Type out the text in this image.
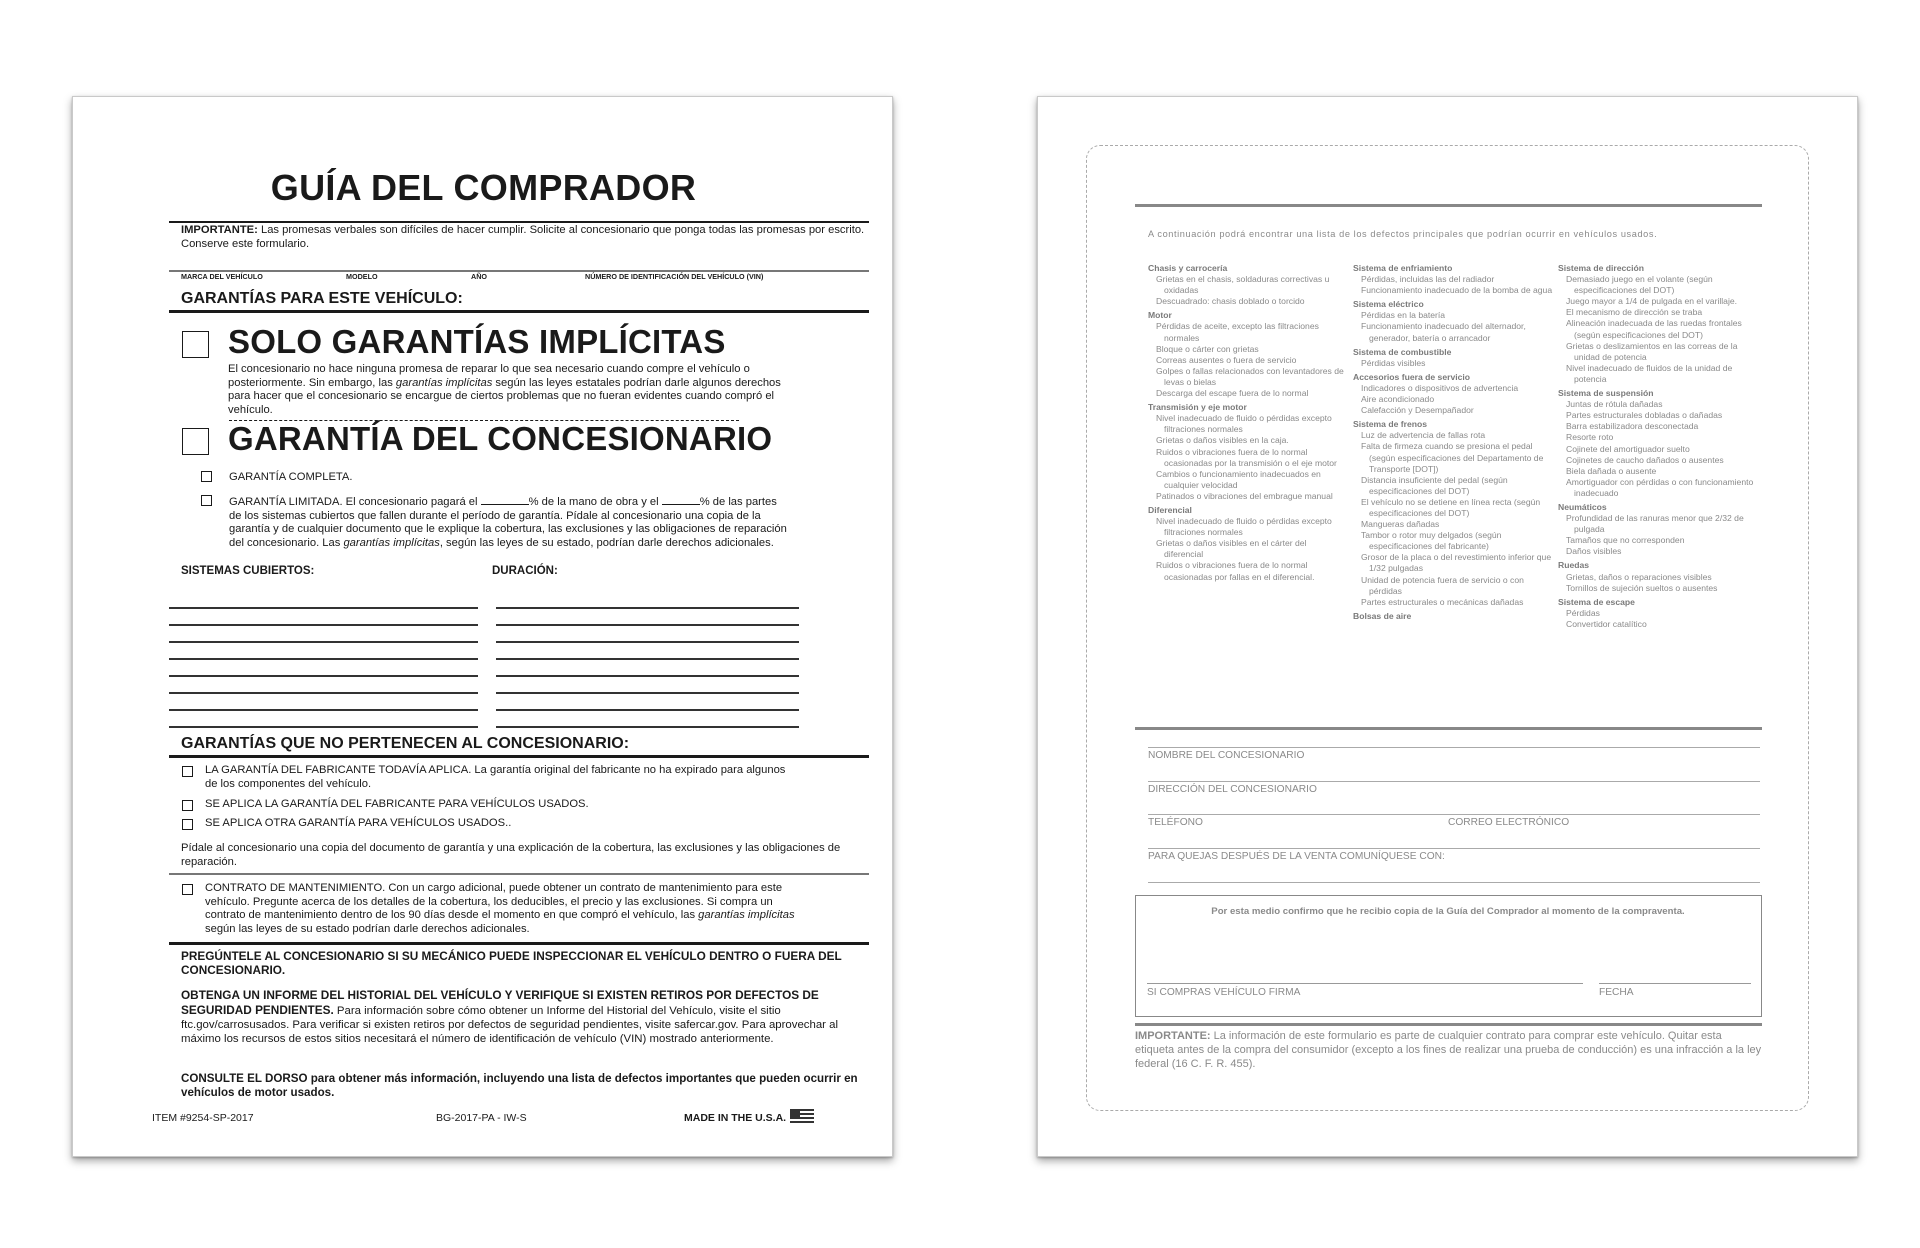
GUÍA DEL COMPRADOR
IMPORTANTE: Las promesas verbales son difíciles de hacer cumplir. Solicite al concesionario que ponga todas las promesas por escrito. Conserve este formulario.
MARCA DEL VEHÍCULO	MODELO	AÑO	NÚMERO DE IDENTIFICACIÓN DEL VEHÍCULO (VIN)
GARANTÍAS PARA ESTE VEHÍCULO:
SOLO GARANTÍAS IMPLÍCITAS
El concesionario no hace ninguna promesa de reparar lo que sea necesario cuando compre el vehículo o posteriormente. Sin embargo, las garantías implícitas según las leyes estatales podrían darle algunos derechos para hacer que el concesionario se encargue de ciertos problemas que no fueran evidentes cuando compró el vehículo.
GARANTÍA DEL CONCESIONARIO
GARANTÍA COMPLETA.
GARANTÍA LIMITADA. El concesionario pagará el	% de la mano de obra y el	% de las partes de los sistemas cubiertos que fallen durante el período de garantía. Pídale al concesionario una copia de la garantía y de cualquier documento que le explique la cobertura, las exclusiones y las obligaciones de reparación del concesionario. Las garantías implícitas, según las leyes de su estado, podrían darle derechos adicionales.
SISTEMAS CUBIERTOS:	DURACIÓN:
GARANTÍAS QUE NO PERTENECEN AL CONCESIONARIO:
LA GARANTÍA DEL FABRICANTE TODAVÍA APLICA. La garantía original del fabricante no ha expirado para algunos de los componentes del vehículo.
SE APLICA LA GARANTÍA DEL FABRICANTE PARA VEHÍCULOS USADOS.
SE APLICA OTRA GARANTÍA PARA VEHÍCULOS USADOS..
Pídale al concesionario una copia del documento de garantía y una explicación de la cobertura, las exclusiones y las obligaciones de reparación.
CONTRATO DE MANTENIMIENTO. Con un cargo adicional, puede obtener un contrato de mantenimiento para este vehículo. Pregunte acerca de los detalles de la cobertura, los deducibles, el precio y las exclusiones. Si compra un contrato de mantenimiento dentro de los 90 días desde el momento en que compró el vehículo, las garantías implícitas según las leyes de su estado podrían darle derechos adicionales.
PREGÚNTELE AL CONCESIONARIO SI SU MECÁNICO PUEDE INSPECCIONAR EL VEHÍCULO DENTRO O FUERA DEL CONCESIONARIO.
OBTENGA UN INFORME DEL HISTORIAL DEL VEHÍCULO Y VERIFIQUE SI EXISTEN RETIROS POR DEFECTOS DE SEGURIDAD PENDIENTES. Para información sobre cómo obtener un Informe del Historial del Vehículo, visite el sitio ftc.gov/carrosusados. Para verificar si existen retiros por defectos de seguridad pendientes, visite safercar.gov. Para aprovechar al máximo los recursos de estos sitios necesitará el número de identificación de vehículo (VIN) mostrado anteriormente.
CONSULTE EL DORSO para obtener más información, incluyendo una lista de defectos importantes que pueden ocurrir en vehículos de motor usados.
ITEM #9254-SP-2017	BG-2017-PA - IW-S	MADE IN THE U.S.A.
A continuación podrá encontrar una lista de los defectos principales que podrían ocurrir en vehículos usados.
Chasis y carrocería
Grietas en el chasis, soldaduras correctivas u oxidadas
Descuadrado: chasis doblado o torcido
Motor
Pérdidas de aceite, excepto las filtraciones normales
Bloque o cárter con grietas
Correas ausentes o fuera de servicio
Golpes o fallas relacionados con levantadores de levas o bielas
Descarga del escape fuera de lo normal
Transmisión y eje motor
Nivel inadecuado de fluido o pérdidas excepto filtraciones normales
Grietas o daños visibles en la caja.
Ruidos o vibraciones fuera de lo normal ocasionadas por la transmisión o el eje motor
Cambios o funcionamiento inadecuados en cualquier velocidad
Patinados o vibraciones del embrague manual
Diferencial
Nivel inadecuado de fluido o pérdidas excepto filtraciones normales
Grietas o daños visibles en el cárter del diferencial
Ruidos o vibraciones fuera de lo normal ocasionadas por fallas en el diferencial.
Sistema de enfriamiento
Pérdidas, incluidas las del radiador
Funcionamiento inadecuado de la bomba de agua
Sistema eléctrico
Pérdidas en la batería
Funcionamiento inadecuado del alternador, generador, batería o arrancador
Sistema de combustible
Pérdidas visibles
Accesorios fuera de servicio
Indicadores o dispositivos de advertencia
Aire acondicionado
Calefacción y Desempañador
Sistema de frenos
Luz de advertencia de fallas rota
Falta de firmeza cuando se presiona el pedal (según especificaciones del Departamento de Transporte [DOT])
Distancia insuficiente del pedal (según especificaciones del DOT)
El vehículo no se detiene en línea recta (según especificaciones del DOT)
Mangueras dañadas
Tambor o rotor muy delgados (según especificaciones del fabricante)
Grosor de la placa o del revestimiento inferior que 1/32 pulgadas
Unidad de potencia fuera de servicio o con pérdidas
Partes estructurales o mecánicas dañadas
Bolsas de aire
Sistema de dirección
Demasiado juego en el volante (según especificaciones del DOT)
Juego mayor a 1/4 de pulgada en el varillaje.
El mecanismo de dirección se traba
Alineación inadecuada de las ruedas frontales (según especificaciones del DOT)
Grietas o deslizamientos en las correas de la unidad de potencia
Nivel inadecuado de fluidos de la unidad de potencia
Sistema de suspensión
Juntas de rótula dañadas
Partes estructurales dobladas o dañadas
Barra estabilizadora desconectada
Resorte roto
Cojinete del amortiguador suelto
Cojinetes de caucho dañados o ausentes
Biela dañada o ausente
Amortiguador con pérdidas o con funcionamiento inadecuado
Neumáticos
Profundidad de las ranuras menor que 2/32 de pulgada
Tamaños que no corresponden
Daños visibles
Ruedas
Grietas, daños o reparaciones visibles
Tornillos de sujeción sueltos o ausentes
Sistema de escape
Pérdidas
Convertidor catalítico
NOMBRE DEL CONCESIONARIO
DIRECCIÓN DEL CONCESIONARIO
TELÉFONO	CORREO ELECTRÓNICO
PARA QUEJAS DESPUÉS DE LA VENTA COMUNÍQUESE CON:
Por esta medio confirmo que he recibio copia de la Guía del Comprador al momento de la compraventa.
SI COMPRAS VEHÍCULO FIRMA	FECHA
IMPORTANTE: La información de este formulario es parte de cualquier contrato para comprar este vehículo. Quitar esta etiqueta antes de la compra del consumidor (excepto a los fines de realizar una prueba de conducción) es una infracción a la ley federal (16 C. F. R. 455).
